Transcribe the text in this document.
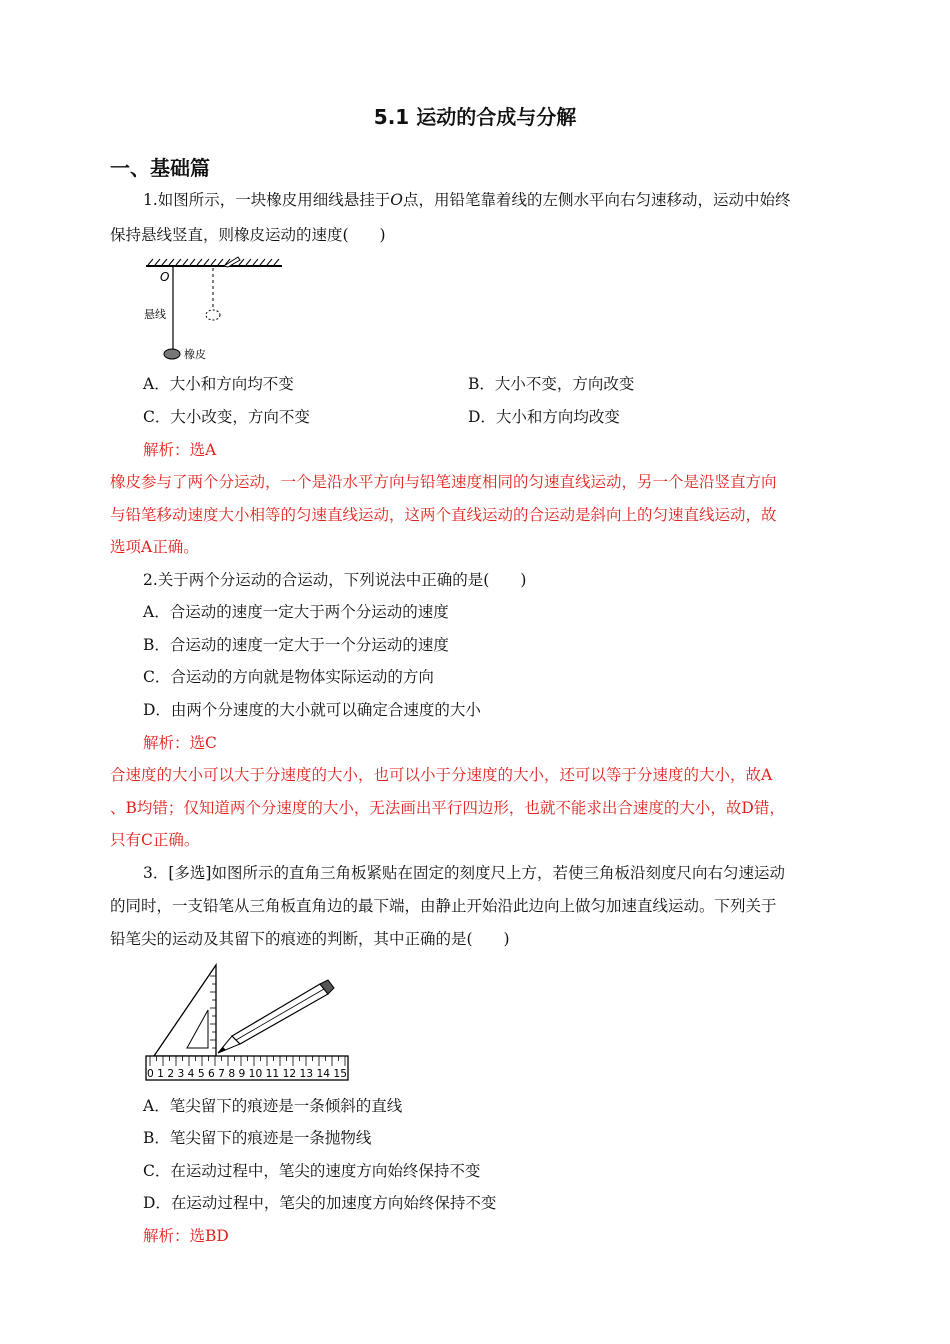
5.1 运动的合成与分解
一、基础篇
1.如图所示，一块橡皮用细线悬挂于O点，用铅笔靠着线的左侧水平向右匀速移动，运动中始终
保持悬线竖直，则橡皮运动的速度(　　)
O
悬线
橡皮
A．大小和方向均不变	B．大小不变，方向改变
C．大小改变，方向不变	D．大小和方向均改变
解析：选A
橡皮参与了两个分运动，一个是沿水平方向与铅笔速度相同的匀速直线运动，另一个是沿竖直方向
与铅笔移动速度大小相等的匀速直线运动，这两个直线运动的合运动是斜向上的匀速直线运动，故
选项A正确。
2.关于两个分运动的合运动，下列说法中正确的是(　　)
A．合运动的速度一定大于两个分运动的速度
B．合运动的速度一定大于一个分运动的速度
C．合运动的方向就是物体实际运动的方向
D．由两个分速度的大小就可以确定合速度的大小
解析：选C
合速度的大小可以大于分速度的大小，也可以小于分速度的大小，还可以等于分速度的大小，故A
、B均错；仅知道两个分速度的大小，无法画出平行四边形，也就不能求出合速度的大小，故D错，
只有C正确。
3．[多选]如图所示的直角三角板紧贴在固定的刻度尺上方，若使三角板沿刻度尺向右匀速运动
的同时，一支铅笔从三角板直角边的最下端，由静止开始沿此边向上做匀加速直线运动。下列关于
铅笔尖的运动及其留下的痕迹的判断，其中正确的是(　　)
0 1 2 3 4 5 6 7 8 9 10 11 12 13 14 15
A．笔尖留下的痕迹是一条倾斜的直线
B．笔尖留下的痕迹是一条抛物线
C．在运动过程中，笔尖的速度方向始终保持不变
D．在运动过程中，笔尖的加速度方向始终保持不变
解析：选BD
